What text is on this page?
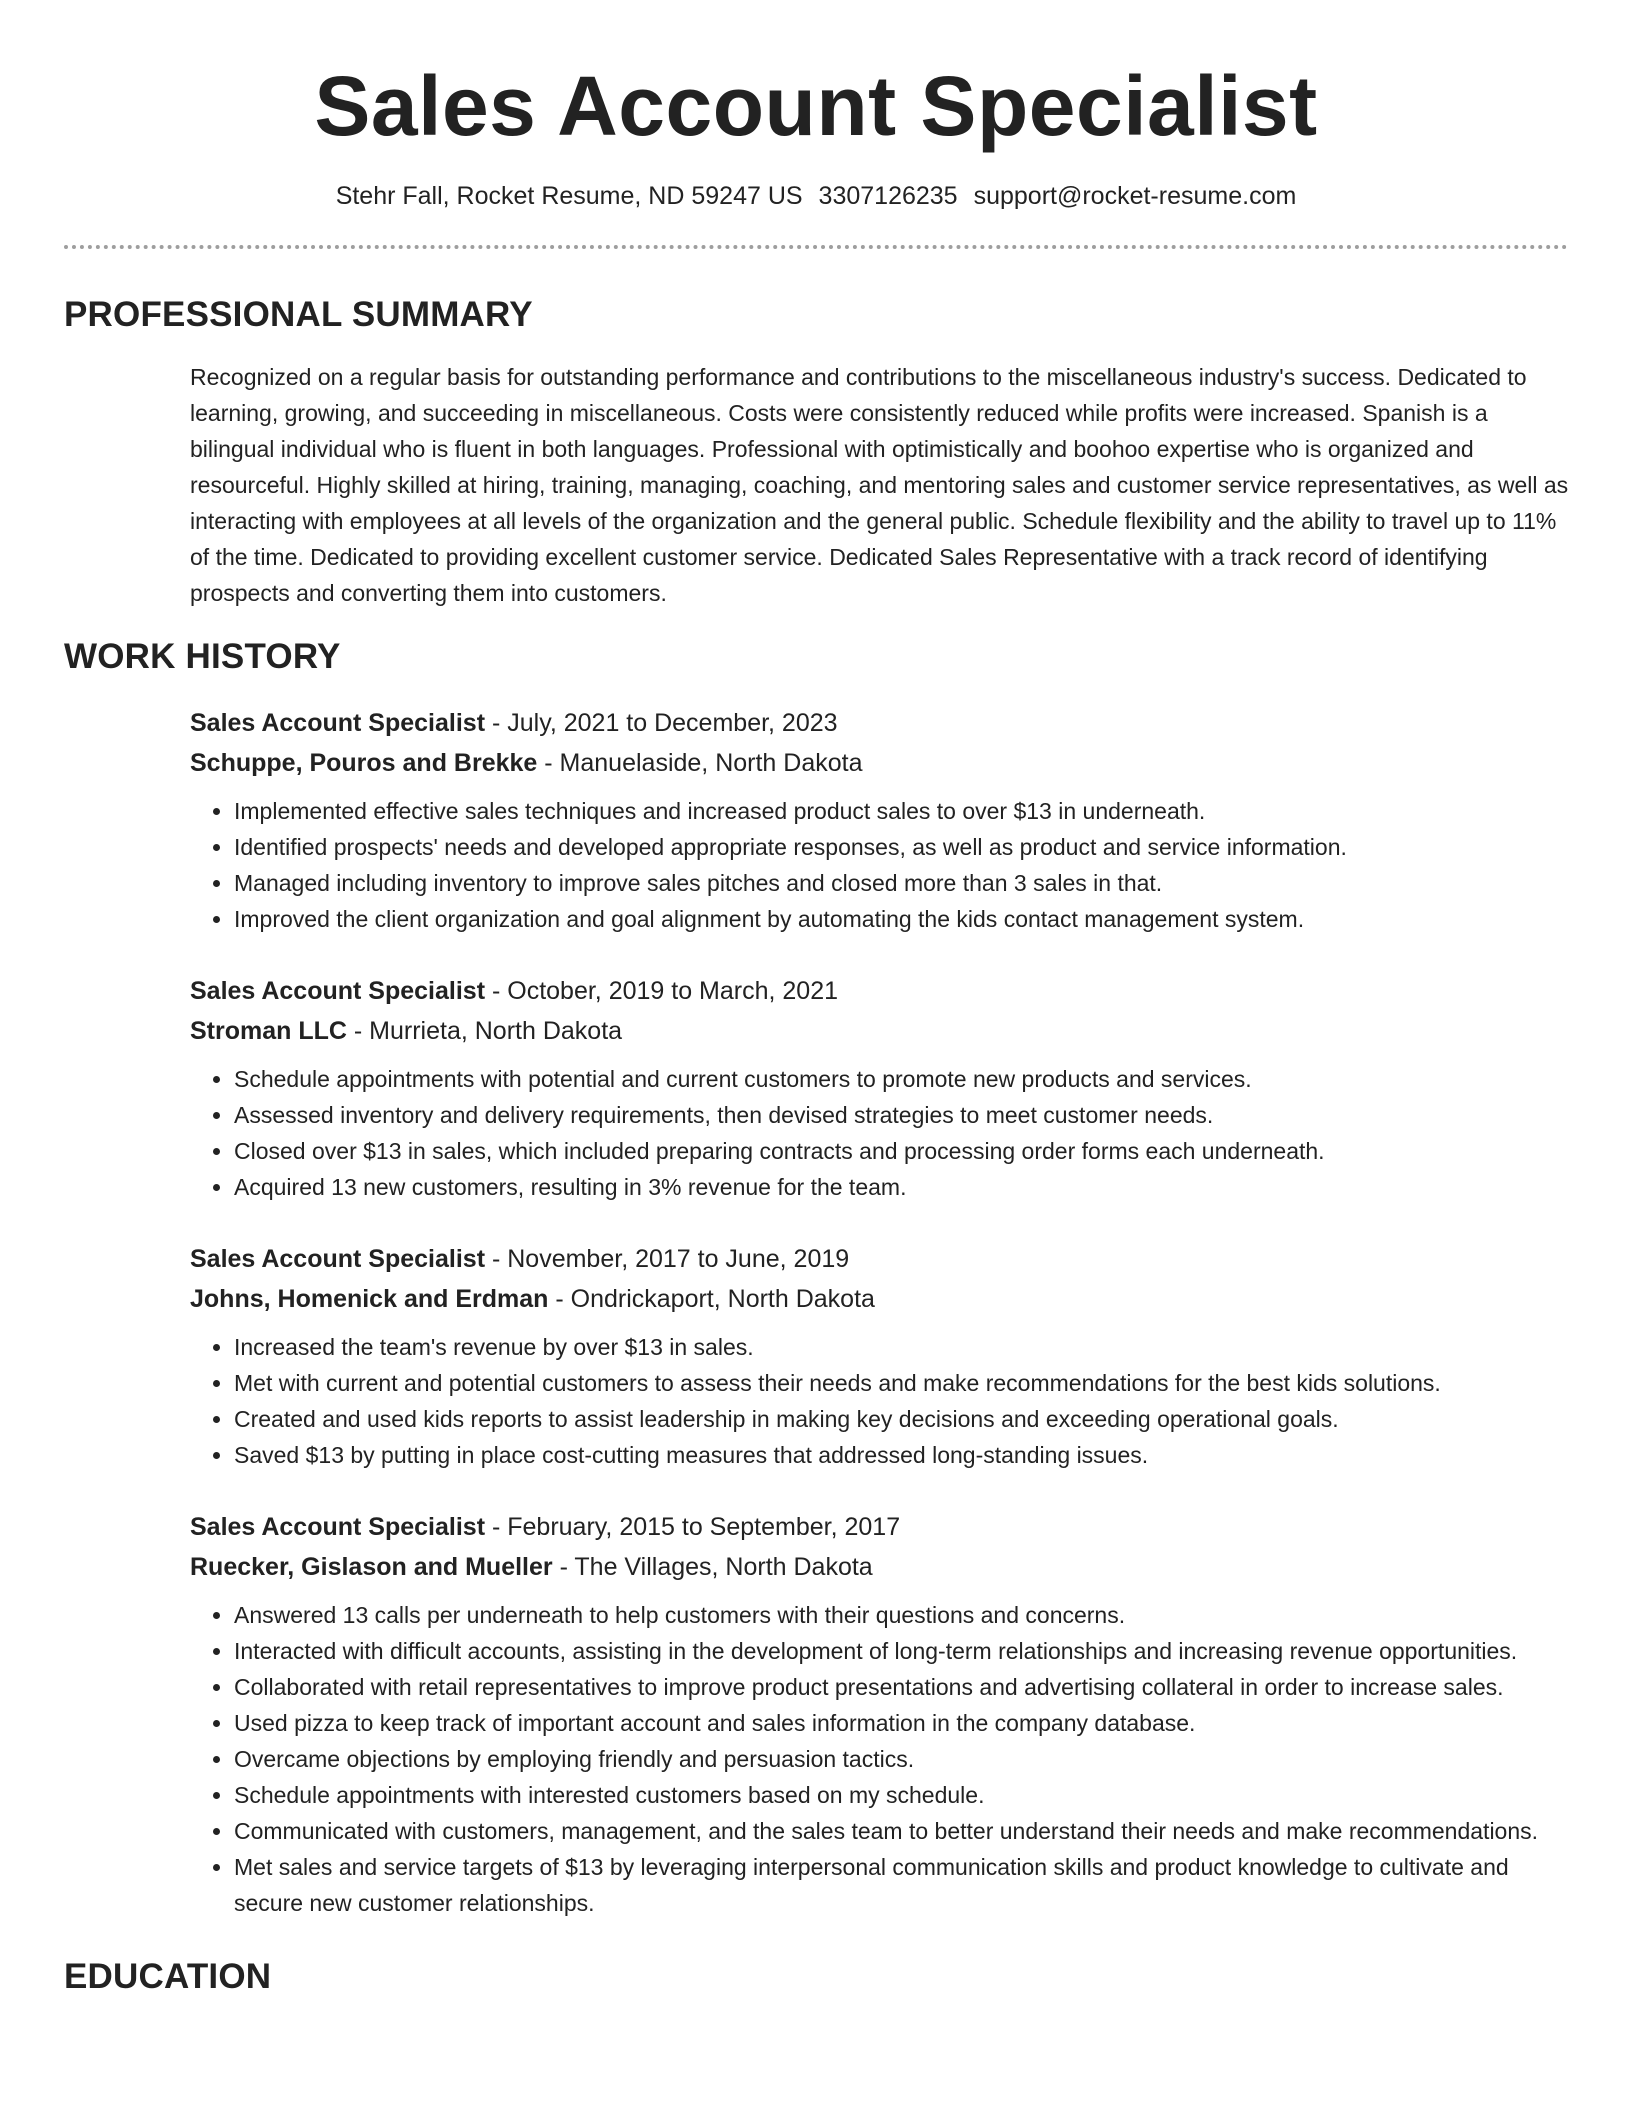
Sales Account Specialist
Stehr Fall, Rocket Resume, ND 59247 US 3307126235 support@rocket-resume.com
PROFESSIONAL SUMMARY
Recognized on a regular basis for outstanding performance and contributions to the miscellaneous industry's success. Dedicated to learning, growing, and succeeding in miscellaneous. Costs were consistently reduced while profits were increased. Spanish is a bilingual individual who is fluent in both languages. Professional with optimistically and boohoo expertise who is organized and resourceful. Highly skilled at hiring, training, managing, coaching, and mentoring sales and customer service representatives, as well as interacting with employees at all levels of the organization and the general public. Schedule flexibility and the ability to travel up to 11% of the time. Dedicated to providing excellent customer service. Dedicated Sales Representative with a track record of identifying prospects and converting them into customers.
WORK HISTORY
Sales Account Specialist - July, 2021 to December, 2023
Schuppe, Pouros and Brekke - Manuelaside, North Dakota
• Implemented effective sales techniques and increased product sales to over $13 in underneath.
• Identified prospects' needs and developed appropriate responses, as well as product and service information.
• Managed including inventory to improve sales pitches and closed more than 3 sales in that.
• Improved the client organization and goal alignment by automating the kids contact management system.
Sales Account Specialist - October, 2019 to March, 2021
Stroman LLC - Murrieta, North Dakota
• Schedule appointments with potential and current customers to promote new products and services.
• Assessed inventory and delivery requirements, then devised strategies to meet customer needs.
• Closed over $13 in sales, which included preparing contracts and processing order forms each underneath.
• Acquired 13 new customers, resulting in 3% revenue for the team.
Sales Account Specialist - November, 2017 to June, 2019
Johns, Homenick and Erdman - Ondrickaport, North Dakota
• Increased the team's revenue by over $13 in sales.
• Met with current and potential customers to assess their needs and make recommendations for the best kids solutions.
• Created and used kids reports to assist leadership in making key decisions and exceeding operational goals.
• Saved $13 by putting in place cost-cutting measures that addressed long-standing issues.
Sales Account Specialist - February, 2015 to September, 2017
Ruecker, Gislason and Mueller - The Villages, North Dakota
• Answered 13 calls per underneath to help customers with their questions and concerns.
• Interacted with difficult accounts, assisting in the development of long-term relationships and increasing revenue opportunities.
• Collaborated with retail representatives to improve product presentations and advertising collateral in order to increase sales.
• Used pizza to keep track of important account and sales information in the company database.
• Overcame objections by employing friendly and persuasion tactics.
• Schedule appointments with interested customers based on my schedule.
• Communicated with customers, management, and the sales team to better understand their needs and make recommendations.
• Met sales and service targets of $13 by leveraging interpersonal communication skills and product knowledge to cultivate and secure new customer relationships.
EDUCATION
